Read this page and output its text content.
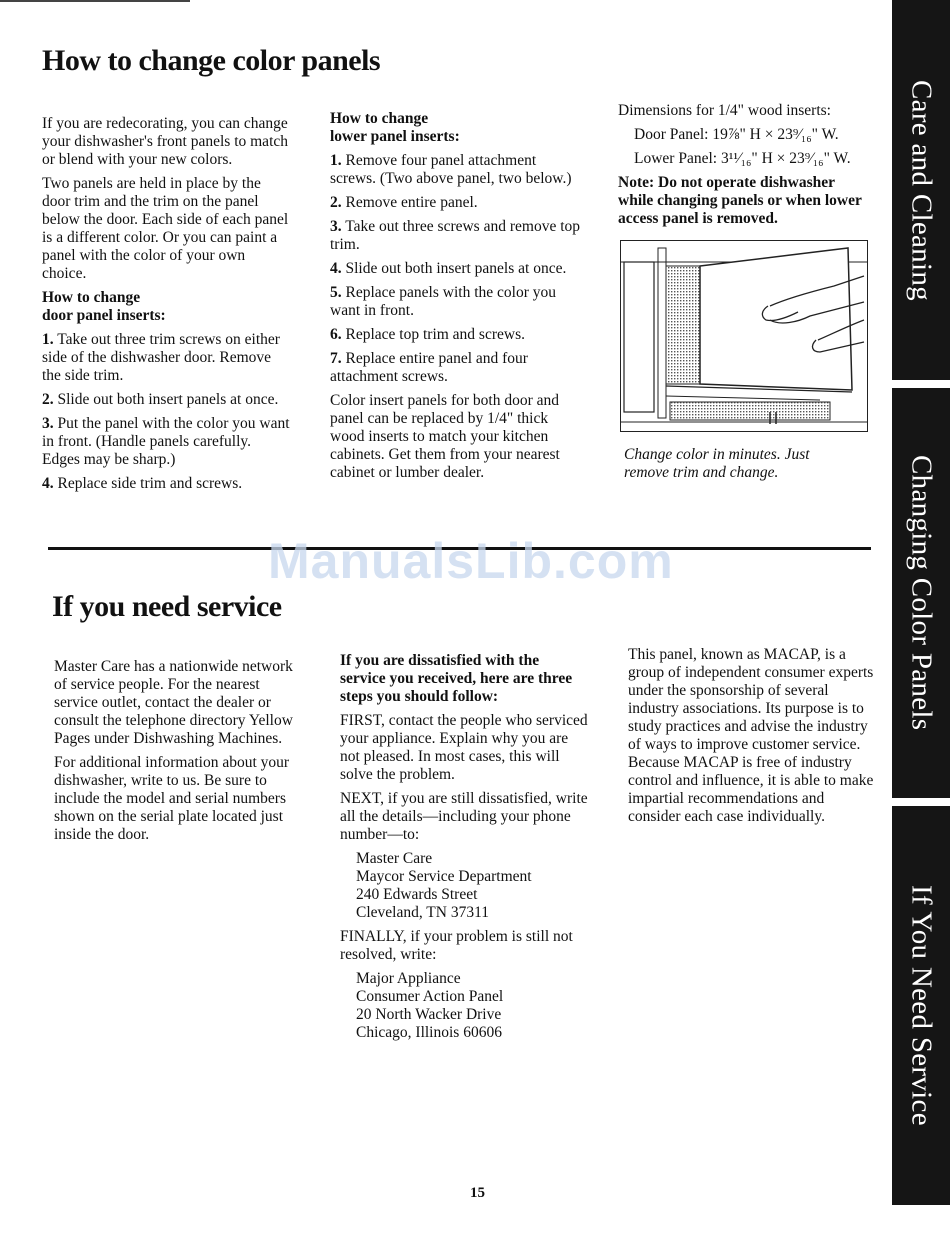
How to change color panels

If you are redecorating, you can change your dishwasher's front panels to match or blend with your new colors.

Two panels are held in place by the door trim and the trim on the panel below the door. Each side of each panel is a different color. Or you can paint a panel with the color of your own choice.

How to change
door panel inserts:
1. Take out three trim screws on either side of the dishwasher door. Remove the side trim.
2. Slide out both insert panels at once.
3. Put the panel with the color you want in front. (Handle panels carefully. Edges may be sharp.)
4. Replace side trim and screws.
How to change
lower panel inserts:
1. Remove four panel attachment screws. (Two above panel, two below.)
2. Remove entire panel.
3. Take out three screws and remove top trim.
4. Slide out both insert panels at once.
5. Replace panels with the color you want in front.
6. Replace top trim and screws.
7. Replace entire panel and four attachment screws.

Color insert panels for both door and panel can be replaced by 1/4" thick wood inserts to match your kitchen cabinets. Get them from your nearest cabinet or lumber dealer.

Dimensions for 1/4" wood inserts:
Door Panel: 19⅞" H × 23⁹⁄₁₆" W.
Lower Panel: 3¹¹⁄₁₆" H × 23⁹⁄₁₆" W.
Note: Do not operate dishwasher while changing panels or when lower access panel is removed.
Change color in minutes. Just remove trim and change.
ManualsLib.com
If you need service

Master Care has a nationwide network of service people. For the nearest service outlet, contact the dealer or consult the telephone directory Yellow Pages under Dishwashing Machines.

For additional information about your dishwasher, write to us. Be sure to include the model and serial numbers shown on the serial plate located just inside the door.

If you are dissatisfied with the service you received, here are three steps you should follow:

FIRST, contact the people who serviced your appliance. Explain why you are not pleased. In most cases, this will solve the problem.

NEXT, if you are still dissatisfied, write all the details—including your phone number—to:

Master Care
Maycor Service Department
240 Edwards Street
Cleveland, TN 37311

FINALLY, if your problem is still not resolved, write:

Major Appliance
Consumer Action Panel
20 North Wacker Drive
Chicago, Illinois 60606

This panel, known as MACAP, is a group of independent consumer experts under the sponsorship of several industry associations. Its purpose is to study practices and advise the industry of ways to improve customer service. Because MACAP is free of industry control and influence, it is able to make impartial recommendations and consider each case individually.

Care and Cleaning
Changing Color Panels
If You Need Service
15
